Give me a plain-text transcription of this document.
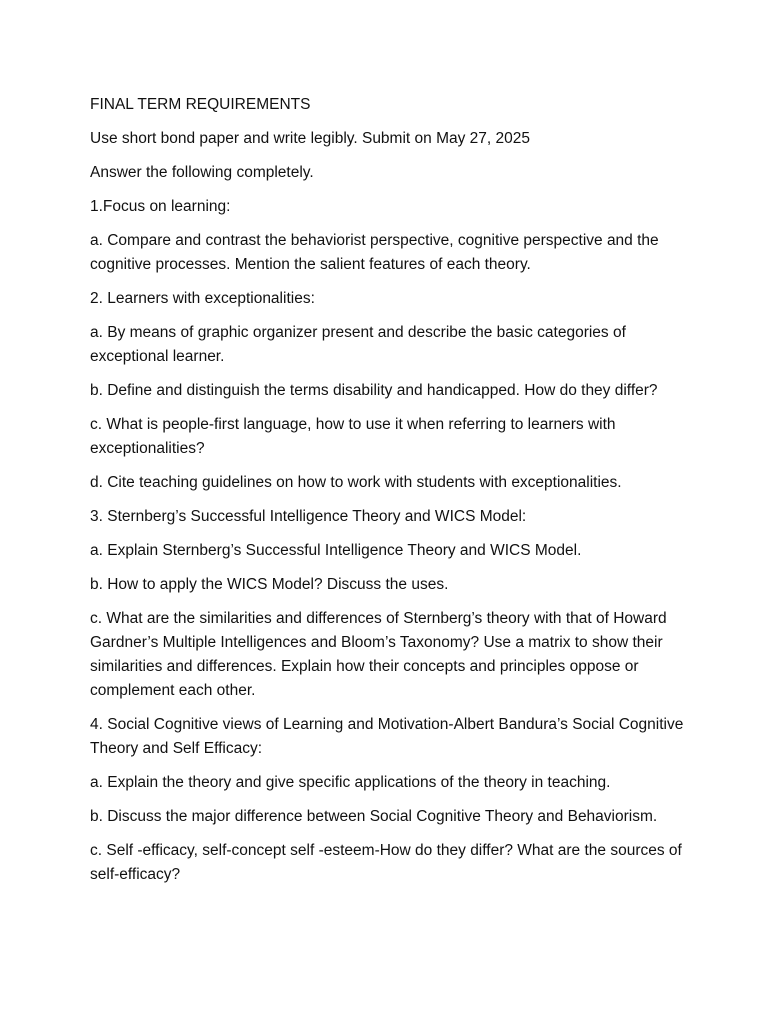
FINAL TERM REQUIREMENTS

Use short bond paper and write legibly. Submit on May 27, 2025

Answer the following completely.

1.Focus on learning:

a. Compare and contrast the behaviorist perspective, cognitive perspective and the cognitive processes. Mention the salient features of each theory.

2. Learners with exceptionalities:

a. By means of graphic organizer present and describe the basic categories of exceptional learner.

b. Define and distinguish the terms disability and handicapped. How do they differ?

c. What is people-first language, how to use it when referring to learners with exceptionalities?

d. Cite teaching guidelines on how to work with students with exceptionalities.

3. Sternberg’s Successful Intelligence Theory and WICS Model:

a. Explain Sternberg’s Successful Intelligence Theory and WICS Model.

b. How to apply the WICS Model? Discuss the uses.

c. What are the similarities and differences of Sternberg’s theory with that of Howard Gardner’s Multiple Intelligences and Bloom’s Taxonomy? Use a matrix to show their similarities and differences. Explain how their concepts and principles oppose or complement each other.

4. Social Cognitive views of Learning and Motivation-Albert Bandura’s Social Cognitive Theory and Self Efficacy:

a. Explain the theory and give specific applications of the theory in teaching.

b. Discuss the major difference between Social Cognitive Theory and Behaviorism.

c. Self -efficacy, self-concept self -esteem-How do they differ? What are the sources of self-efficacy?
